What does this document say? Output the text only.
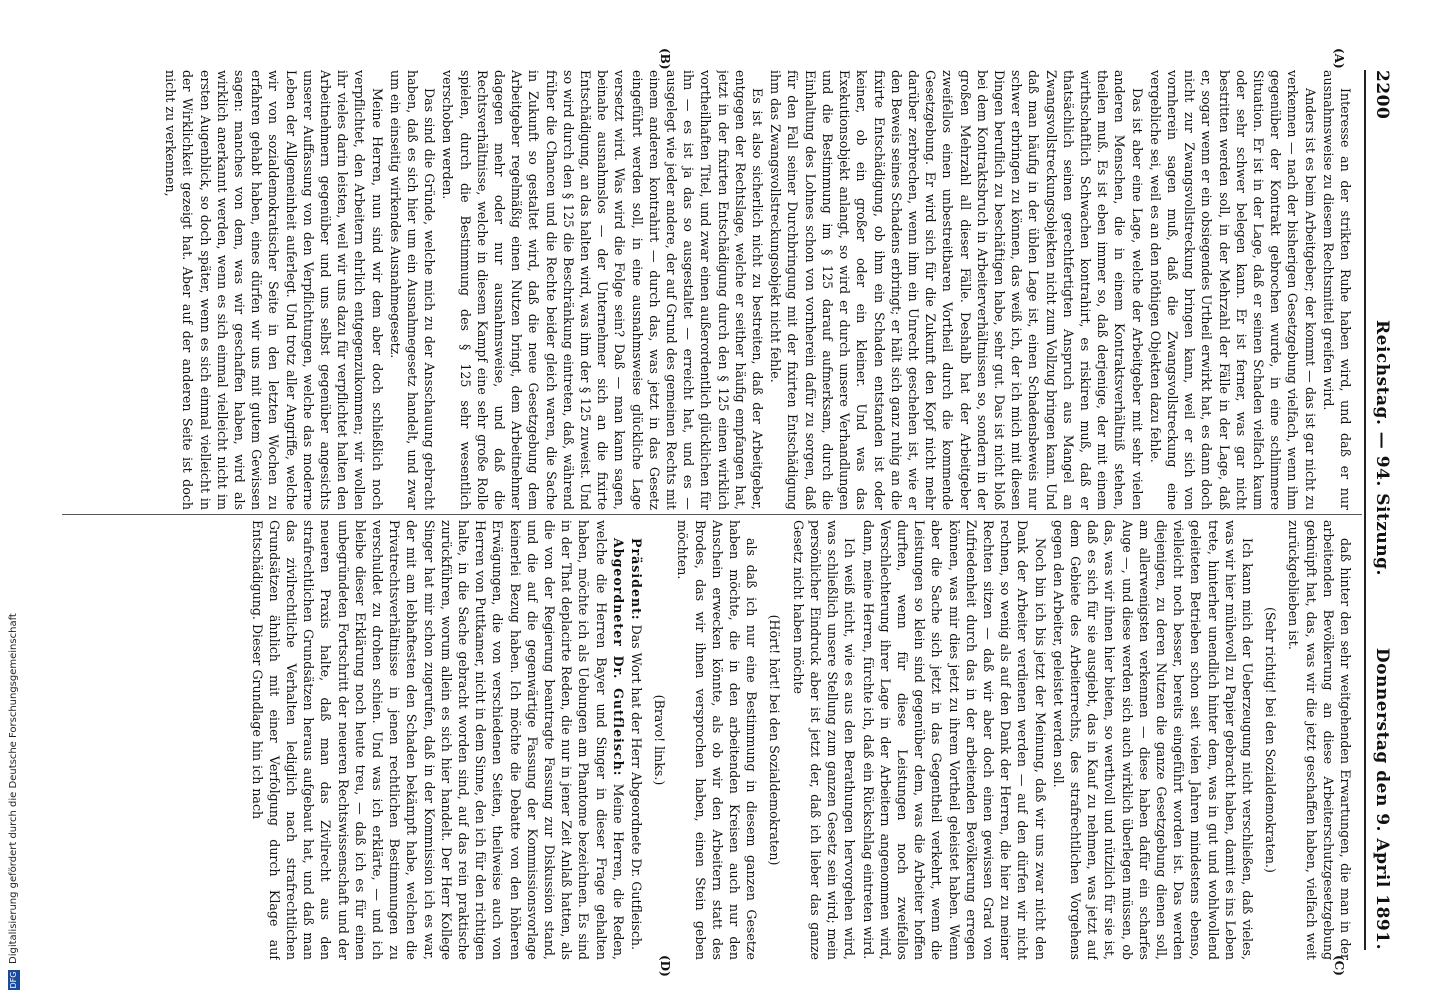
2200
Reichstag. — 94. Sitzung.
Donnerstag den 9. April 1891.
(A)
(B)
(C)
(D)

Interesse an der strikten Ruhe haben wird, und daß er nur ausnahmsweise zu diesem Rechtsmittel greifen wird.

Anders ist es beim Arbeitgeber; der kommt — das ist gar nicht zu verkennen — nach der bisherigen Gesetzgebung vielfach, wenn ihm gegenüber der Kontrakt gebrochen wurde, in eine schlimmere Situation. Er ist in der Lage, daß er seinen Schaden vielfach kaum oder sehr schwer belegen kann. Er ist ferner, was gar nicht bestritten werden soll, in der Mehrzahl der Fälle in der Lage, daß er, sogar wenn er ein obsiegendes Urtheil erwirkt hat, es dann doch nicht zur Zwangsvollstreckung bringen kann, weil er sich von vornherein sagen muß, daß die Zwangsvollstreckung eine vergebliche sei, weil es an den nöthigen Objekten dazu fehle.

Das ist aber eine Lage, welche der Arbeitgeber mit sehr vielen anderen Menschen, die in einem Kontraktsverhältniß stehen, theilen muß. Es ist eben immer so, daß derjenige, der mit einem wirthschaftlich Schwachen kontrahirt, es riskiren muß, daß er thatsächlich seinen gerechtfertigten Anspruch aus Mangel an Zwangsvollstreckungsobjekten nicht zum Vollzug bringen kann. Und daß man häufig in der üblen Lage ist, einen Schadensbeweis nur schwer erbringen zu können, das weiß ich, der ich mich mit diesen Dingen beruflich zu beschäftigen habe, sehr gut. Das ist nicht bloß bei dem Kontraktsbruch in Arbeiterverhältnissen so, sondern in der großen Mehrzahl all dieser Fälle. Deshalb hat der Arbeitgeber zweifellos einen unbestreitbaren Vortheil durch die kommende Gesetzgebung. Er wird sich für die Zukunft den Kopf nicht mehr darüber zerbrechen, wenn ihm ein Unrecht geschehen ist, wie er den Beweis seines Schadens erbringt; er hält sich ganz ruhig an die fixirte Entschädigung, ob ihm ein Schaden entstanden ist oder keiner, ob ein großer oder ein kleiner. Und was das Exekutionsobjekt anlangt, so wird er durch unsere Verhandlungen und die Bestimmung im § 125 darauf aufmerksam, durch die Einhaltung des Lohnes schon von vornherein dafür zu sorgen, daß für den Fall seiner Durchbringung mit der fixirten Entschädigung ihm das Zwangsvollstreckungsobjekt nicht fehle.

Es ist also sicherlich nicht zu bestreiten, daß der Arbeitgeber, entgegen der Rechtslage, welche er seither häufig empfangen hat, jetzt in der fixirten Entschädigung durch den § 125 einen wirklich vortheilhaften Titel, und zwar einen außerordentlich glücklichen für ihn — es ist ja das so ausgestaltet — erreicht hat, und es — ausgelegt wie jeder andere, der auf Grund des gemeinen Rechts mit einem anderen kontrahirt — durch das, was jetzt in das Gesetz eingeführt werden soll, in eine ausnahmsweise glückliche Lage versetzt wird. Was wird die Folge sein? Daß — man kann sagen, beinahe ausnahmslos — der Unternehmer sich an die fixirte Entschädigung, an das halten wird, was ihm der § 125 zuweist. Und so wird durch den § 125 die Beschränkung eintreten, daß, während früher die Chancen und die Rechte beider gleich waren, die Sache in Zukunft so gestaltet wird, daß die neue Gesetzgebung dem Arbeitgeber regelmäßig einen Nutzen bringt, dem Arbeitnehmer dagegen mehr oder nur ausnahmsweise, und daß die Rechtsverhältnisse, welche in diesem Kampf eine sehr große Rolle spielen, durch die Bestimmung des § 125 sehr wesentlich verschoben werden.

Das sind die Gründe, welche mich zu der Ansschauung gebracht haben, daß es sich hier um ein Ausnahmegesetz handelt, und zwar um ein einseitig wirkendes Ausnahmegesetz.

Meine Herren, nun sind wir dem aber doch schließlich noch verpflichtet, den Arbeitern ehrlich entgegenzukommen; wir wollen ihr vieles darin leisten, weil wir uns dazu für verpflichtet halten den Arbeitnehmern gegenüber und uns selbst gegenüber angesichts unserer Auffassung von den Verpflichtungen, welche das moderne Leben der Allgemeinheit auferlegt. Und trotz aller Angriffe, welche wir von sozialdemokratischer Seite in den letzten Wochen zu erfahren gehabt haben, eines dürfen wir uns mit gutem Gewissen sagen: manches von dem, was wir geschaffen haben, wird als wirklich anerkannt werden, wenn es sich einmal vielleicht nicht im ersten Augenblick, so doch später, wenn es sich einmal vielleicht in der Wirklichkeit gezeigt hat. Aber auf der anderen Seite ist doch nicht zu verkennen,

daß hinter den sehr weitgehenden Erwartungen, die man in der arbeitenden Bevölkerung an diese Arbeiterschutzgesetzgebung geknüpft hat, das, was wir die jetzt geschaffen haben, vielfach weit zurückgeblieben ist.

(Sehr richtig! bei den Sozialdemokraten.)

Ich kann mich der Ueberzeugung nicht verschließen, daß vieles, was wir hier mühevoll zu Papier gebracht haben, damit es ins Leben trete, hinterher unendlich hinter dem, was in gut und wohlwollend geleiteten Betrieben schon seit vielen Jahren mindestens ebenso, vielleicht noch besser, bereits eingeführt worden ist. Das werden diejenigen, zu deren Nutzen die ganze Gesetzgebung dienen soll, am allerwenigsten verkennen — diese haben dafür ein scharfes Auge —, und diese werden sich auch wirklich überlegen müssen, ob das, was wir ihnen hier bieten, so werthvoll und nützlich für sie ist, daß es sich für sie ausgiebt, das in Kauf zu nehmen, was jetzt auf dem Gebiete des Arbeiterrechts, des strafrechtlichen Vorgehens gegen den Arbeiter, geleistet werden soll.

Noch bin ich bis jetzt der Meinung, daß wir uns zwar nicht den Dank der Arbeiter verdienen werden — auf den dürfen wir nicht rechnen, so wenig als auf den Dank der Herren, die hier zu meiner Rechten sitzen — daß wir aber doch einen gewissen Grad von Zufriedenheit durch das in der arbeitenden Bevölkerung erregen können, was mir dies jetzt zu ihrem Vortheil geleistet haben. Wenn aber die Sache sich jetzt in das Gegentheil verkehrt, wenn die Leistungen so klein sind gegenüber dem, was die Arbeiter hoffen durften, wenn für diese Leistungen noch zweifellos Verschlechterung ihrer Lage in der Arbeitern angenommen wird, dann, meine Herren, fürchte ich, daß ein Rückschlag eintreten wird.

Ich weiß nicht, wie es aus den Berathungen hervorgehen wird, was schließlich unsere Stellung zum ganzen Gesetz sein wird; mein persönlicher Eindruck aber ist jetzt der, daß ich lieber das ganze Gesetz nicht haben möchte

(Hört! hört! bei den Sozialdemokraten)

als daß ich nur eine Bestimmung in diesem ganzen Gesetze haben möchte, die in den arbeitenden Kreisen auch nur den Anschein erwecken könnte, als ob wir den Arbeitern statt des Brodes, das wir ihnen versprochen haben, einen Stein geben möchten.

(Bravo! links.)

Präsident: Das Wort hat der Herr Abgeordnete Dr. Gutfleisch.

Abgeordneter Dr. Gutfleisch: Meine Herren, die Reden, welche die Herren Bayer und Singer in dieser Frage gehalten haben, möchte ich als Uebungen am Phantome bezeichnen. Es sind in der That deplacirte Reden, die nur in jener Zeit Anlaß hatten, als die von der Regierung beantragte Fassung zur Diskussion stand, und die auf die gegenwärtige Fassung der Kommissionsvorlage keinerlei Bezug haben. Ich möchte die Debatte von den höheren Erwägungen, die von verschiedenen Seiten, theilweise auch von Herren von Puttkamer, nicht in dem Sinne, den ich für den richtigen halte, in die Sache gebracht worden sind, auf das rein praktische zurückführen, worum allein es sich hier handelt. Der Herr Kollege Singer hat mir schon zugerufen, daß in der Kommission ich es war, der mit am lebhaftesten den Schaden bekämpft habe, welchen die Privatrechtsverhältnisse in jenen rechtlichen Bestimmungen zu verschuldet zu drohen schien. Und was ich erklärte, — und ich bleibe dieser Erklärung noch heute treu, — daß ich es für einen unbegründeten Fortschritt der neueren Rechtswissenschaft und der neueren Praxis halte, daß man das Zivilrecht aus den strafrechtlichen Grundsätzen heraus aufgebaut hat, und daß man das zivilrechtliche Verhalten lediglich nach strafrechtlichen Grundsätzen ähnlich mit einer Verfolgung durch Klage auf Entschädigung. Dieser Grundlage hin ich nach

DFG
Digitalisierung gefördert durch die Deutsche Forschungsgemeinschaft
